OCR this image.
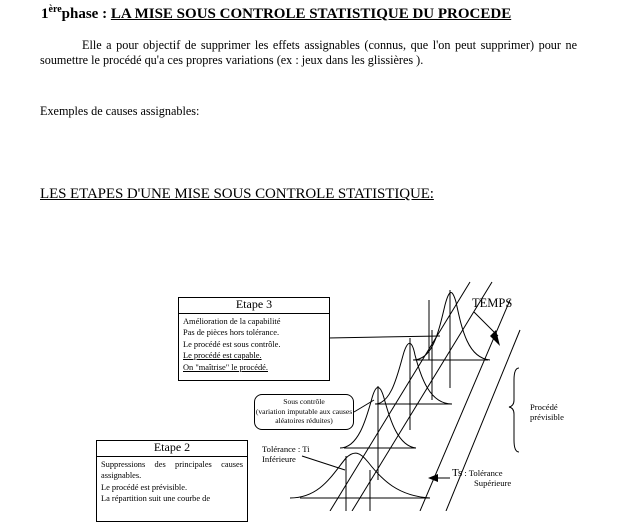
1èrephase : LA MISE SOUS CONTROLE STATISTIQUE DU PROCEDE
Elle a pour objectif de supprimer les effets assignables (connus, que l'on peut supprimer) pour ne soumettre le procédé qu'a ces propres variations (ex : jeux dans les glissières ).
Exemples de causes assignables:
LES ETAPES D'UNE MISE SOUS CONTROLE STATISTIQUE:
TEMPS
Etape 3
Amélioration de la capabilité
Pas de pièces hors tolérance.
Le procédé est sous contrôle.
Le procédé est capable.
On "maîtrise" le procédé.
Sous contrôle
(variation imputable aux causes aléatoires réduites)
Procédé
prévisible
Tolérance : Ti
Inférieure
Ts : Tolérance
Supérieure
Etape 2
Suppressions des principales causes assignables.
Le procédé est prévisible.
La répartition suit une courbe de
